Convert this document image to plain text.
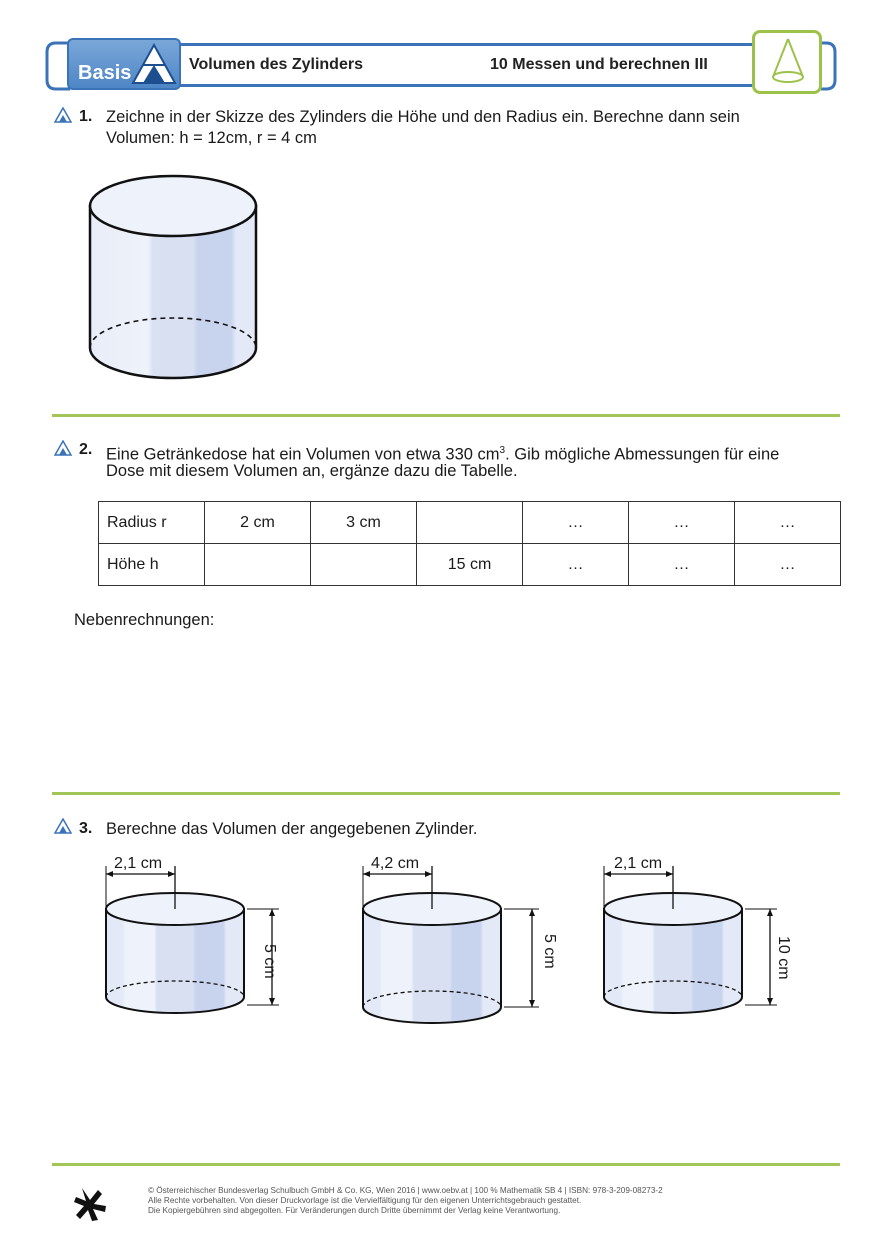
Basis	Volumen des Zylinders	10 Messen und berechnen III
1. Zeichne in der Skizze des Zylinders die Höhe und den Radius ein. Berechne dann sein
Volumen: h = 12cm, r = 4 cm
2. Eine Getränkedose hat ein Volumen von etwa 330 $cm^3$. Gib mögliche Abmessungen für eine
Dose mit diesem Volumen an, ergänze dazu die Tabelle.
Radius r	2 cm	3 cm		…	…	…
Höhe h			15 cm	…	…	…
Nebenrechnungen:
3. Berechne das Volumen der angegebenen Zylinder.
2,1 cm
5 cm
4,2 cm
5 cm
2,1 cm
10 cm
© Österreichischer Bundesverlag Schulbuch GmbH & Co. KG, Wien 2016 | www.oebv.at | 100 % Mathematik SB 4 | ISBN: 978-3-209-08273-2
Alle Rechte vorbehalten. Von dieser Druckvorlage ist die Vervielfältigung für den eigenen Unterrichtsgebrauch gestattet.
Die Kopiergebühren sind abgegolten. Für Veränderungen durch Dritte übernimmt der Verlag keine Verantwortung.
